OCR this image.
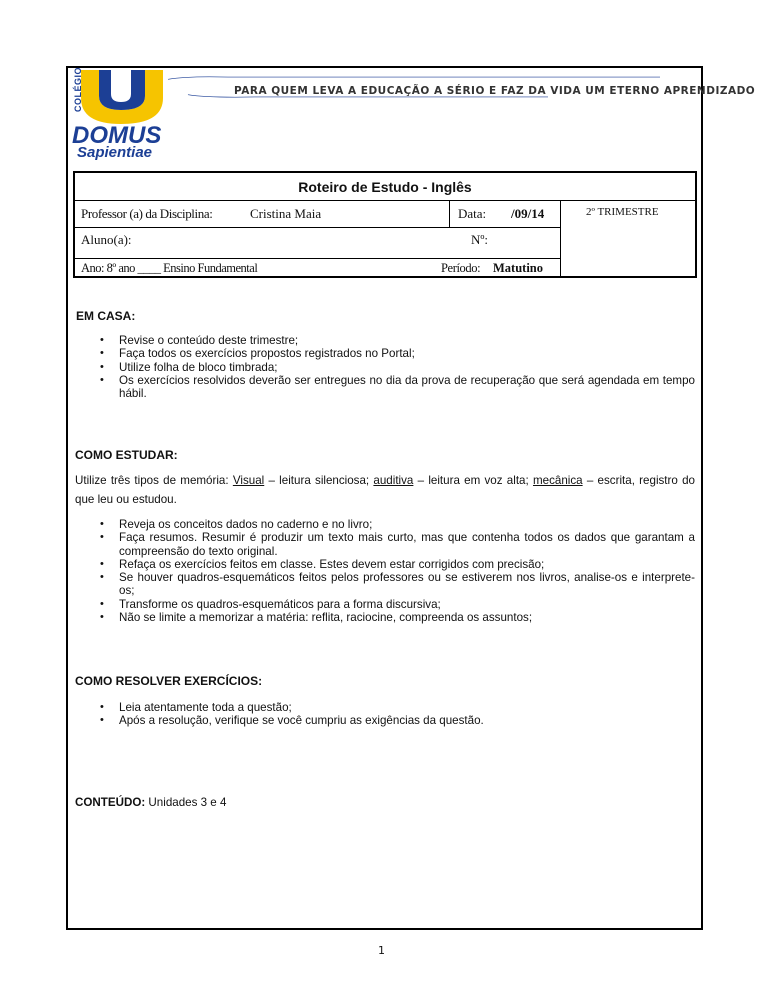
COLÉGIO
DOMUS
Sapientiae
PARA QUEM LEVA A EDUCAÇÃO A SÉRIO E FAZ DA VIDA UM ETERNO APRENDIZADO
Roteiro de Estudo - Inglês
Professor (a) da Disciplina:	Cristina Maia	Data: /09/14	2º TRIMESTRE
Aluno(a):	Nº:
Ano: 8º ano ____ Ensino Fundamental	Período: Matutino
EM CASA:
• Revise o conteúdo deste trimestre;
• Faça todos os exercícios propostos registrados no Portal;
• Utilize folha de bloco timbrada;
• Os exercícios resolvidos deverão ser entregues no dia da prova de recuperação que será agendada em tempo hábil.
COMO ESTUDAR:
Utilize três tipos de memória: Visual – leitura silenciosa; auditiva – leitura em voz alta; mecânica – escrita, registro do que leu ou estudou.
• Reveja os conceitos dados no caderno e no livro;
• Faça resumos. Resumir é produzir um texto mais curto, mas que contenha todos os dados que garantam a compreensão do texto original.
• Refaça os exercícios feitos em classe. Estes devem estar corrigidos com precisão;
• Se houver quadros-esquemáticos feitos pelos professores ou se estiverem nos livros, analise-os e interprete-os;
• Transforme os quadros-esquemáticos para a forma discursiva;
• Não se limite a memorizar a matéria: reflita, raciocine, compreenda os assuntos;
COMO RESOLVER EXERCÍCIOS:
• Leia atentamente toda a questão;
• Após a resolução, verifique se você cumpriu as exigências da questão.
CONTEÚDO: Unidades 3 e 4
1
